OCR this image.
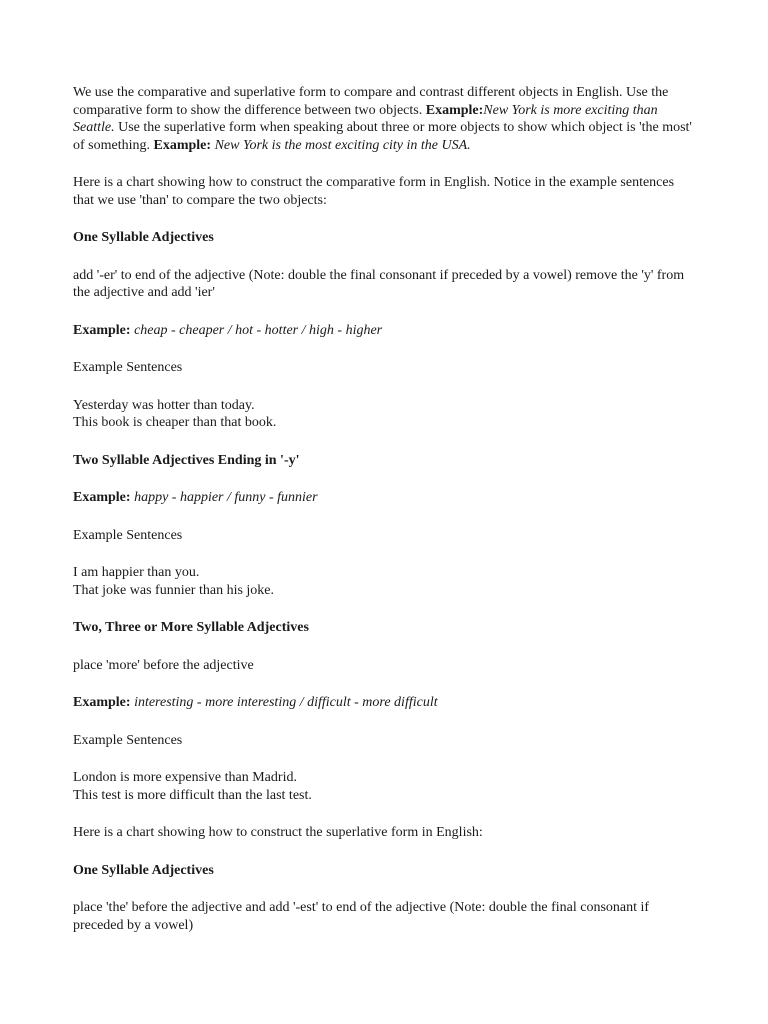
We use the comparative and superlative form to compare and contrast different objects in English. Use the comparative form to show the difference between two objects. Example:New York is more exciting than Seattle. Use the superlative form when speaking about three or more objects to show which object is 'the most' of something. Example: New York is the most exciting city in the USA.

Here is a chart showing how to construct the comparative form in English. Notice in the example sentences that we use 'than' to compare the two objects:

One Syllable Adjectives

add '-er' to end of the adjective (Note: double the final consonant if preceded by a vowel) remove the 'y' from the adjective and add 'ier'

Example: cheap - cheaper / hot - hotter / high - higher

Example Sentences

Yesterday was hotter than today.
This book is cheaper than that book.

Two Syllable Adjectives Ending in '-y'

Example: happy - happier / funny - funnier

Example Sentences

I am happier than you.
That joke was funnier than his joke.

Two, Three or More Syllable Adjectives

place 'more' before the adjective

Example: interesting - more interesting / difficult - more difficult

Example Sentences

London is more expensive than Madrid.
This test is more difficult than the last test.

Here is a chart showing how to construct the superlative form in English:

One Syllable Adjectives

place 'the' before the adjective and add '-est' to end of the adjective (Note: double the final consonant if preceded by a vowel)
